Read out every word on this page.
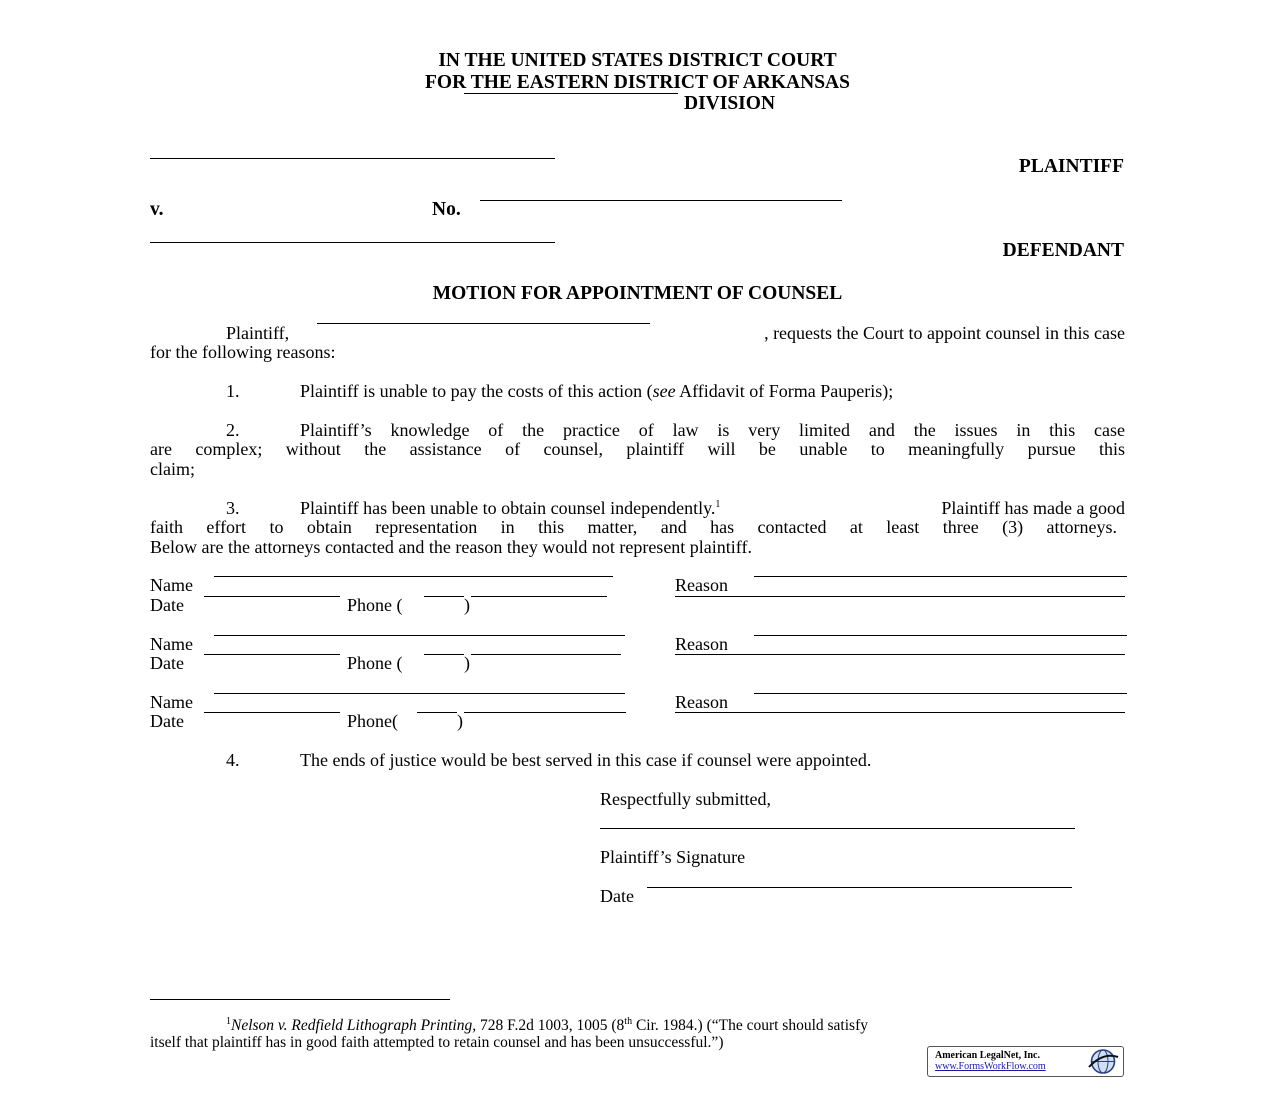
IN THE UNITED STATES DISTRICT COURT
FOR THE EASTERN DISTRICT OF ARKANSAS
DIVISION
PLAINTIFF
v.	No.
DEFENDANT
MOTION FOR APPOINTMENT OF COUNSEL
Plaintiff,	, requests the Court to appoint counsel in this case
for the following reasons:
1.	Plaintiff is unable to pay the costs of this action (see Affidavit of Forma Pauperis);
2.	Plaintiff’s knowledge of the practice of law is very limited and the issues in this case
are complex; without the assistance of counsel, plaintiff will be unable to meaningfully pursue this
claim;
3.	Plaintiff has been unable to obtain counsel independently.$^1$	Plaintiff has made a good
faith effort to obtain representation in this matter, and has contacted at least three (3) attorneys.
Below are the attorneys contacted and the reason they would not represent plaintiff.
Name	Reason
Date	Phone (	)
Name	Reason
Date	Phone (	)
Name	Reason
Date	Phone(	)
4.	The ends of justice would be best served in this case if counsel were appointed.
Respectfully submitted,
Plaintiff’s Signature
Date
$^1$Nelson v. Redfield Lithograph Printing, 728 F.2d 1003, 1005 (8th Cir. 1984.) (“The court should satisfy
itself that plaintiff has in good faith attempted to retain counsel and has been unsuccessful.”)
American LegalNet, Inc.
www.FormsWorkFlow.com
